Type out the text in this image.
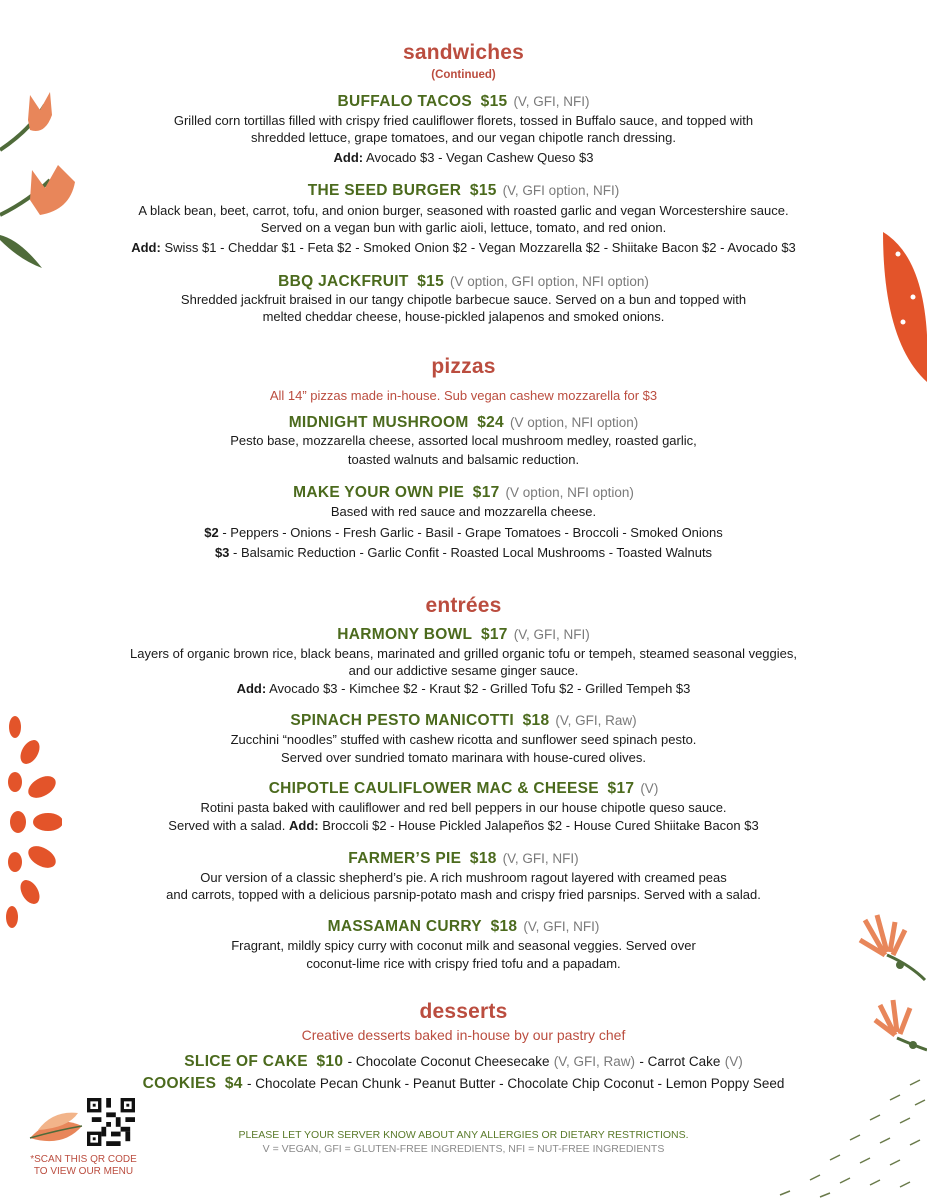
*SCAN THIS QR CODE
TO VIEW OUR MENU
sandwiches
(Continued)
BUFFALO TACOS $15 (V, GFI, NFI)
Grilled corn tortillas filled with crispy fried cauliflower florets, tossed in Buffalo sauce, and topped with
shredded lettuce, grape tomatoes, and our vegan chipotle ranch dressing.
Add: Avocado $3 - Vegan Cashew Queso $3
THE SEED BURGER $15 (V, GFI option, NFI)
A black bean, beet, carrot, tofu, and onion burger, seasoned with roasted garlic and vegan Worcestershire sauce.
Served on a vegan bun with garlic aioli, lettuce, tomato, and red onion.
Add: Swiss $1 - Cheddar $1 - Feta $2 - Smoked Onion $2 - Vegan Mozzarella $2 - Shiitake Bacon $2 - Avocado $3
BBQ JACKFRUIT $15 (V option, GFI option, NFI option)
Shredded jackfruit braised in our tangy chipotle barbecue sauce. Served on a bun and topped with
melted cheddar cheese, house-pickled jalapenos and smoked onions.
pizzas
All 14” pizzas made in-house. Sub vegan cashew mozzarella for $3
MIDNIGHT MUSHROOM $24 (V option, NFI option)
Pesto base, mozzarella cheese, assorted local mushroom medley, roasted garlic,
toasted walnuts and balsamic reduction.
MAKE YOUR OWN PIE $17 (V option, NFI option)
Based with red sauce and mozzarella cheese.
$2 - Peppers - Onions - Fresh Garlic - Basil - Grape Tomatoes - Broccoli - Smoked Onions
$3 - Balsamic Reduction - Garlic Confit - Roasted Local Mushrooms - Toasted Walnuts
entrées
HARMONY BOWL $17 (V, GFI, NFI)
Layers of organic brown rice, black beans, marinated and grilled organic tofu or tempeh, steamed seasonal veggies,
and our addictive sesame ginger sauce.
Add: Avocado $3 - Kimchee $2 - Kraut $2 - Grilled Tofu $2 - Grilled Tempeh $3
SPINACH PESTO MANICOTTI $18 (V, GFI, Raw)
Zucchini “noodles” stuffed with cashew ricotta and sunflower seed spinach pesto.
Served over sundried tomato marinara with house-cured olives.
CHIPOTLE CAULIFLOWER MAC & CHEESE $17 (V)
Rotini pasta baked with cauliflower and red bell peppers in our house chipotle queso sauce.
Served with a salad. Add: Broccoli $2 - House Pickled Jalapeños $2 - House Cured Shiitake Bacon $3
FARMER’S PIE $18 (V, GFI, NFI)
Our version of a classic shepherd’s pie. A rich mushroom ragout layered with creamed peas
and carrots, topped with a delicious parsnip-potato mash and crispy fried parsnips. Served with a salad.
MASSAMAN CURRY $18 (V, GFI, NFI)
Fragrant, mildly spicy curry with coconut milk and seasonal veggies. Served over
coconut-lime rice with crispy fried tofu and a papadam.
desserts
Creative desserts baked in-house by our pastry chef
SLICE OF CAKE $10 - Chocolate Coconut Cheesecake (V, GFI, Raw) - Carrot Cake (V)
COOKIES $4 - Chocolate Pecan Chunk - Peanut Butter - Chocolate Chip Coconut - Lemon Poppy Seed
PLEASE LET YOUR SERVER KNOW ABOUT ANY ALLERGIES OR DIETARY RESTRICTIONS.
V = VEGAN, GFI = GLUTEN-FREE INGREDIENTS, NFI = NUT-FREE INGREDIENTS
